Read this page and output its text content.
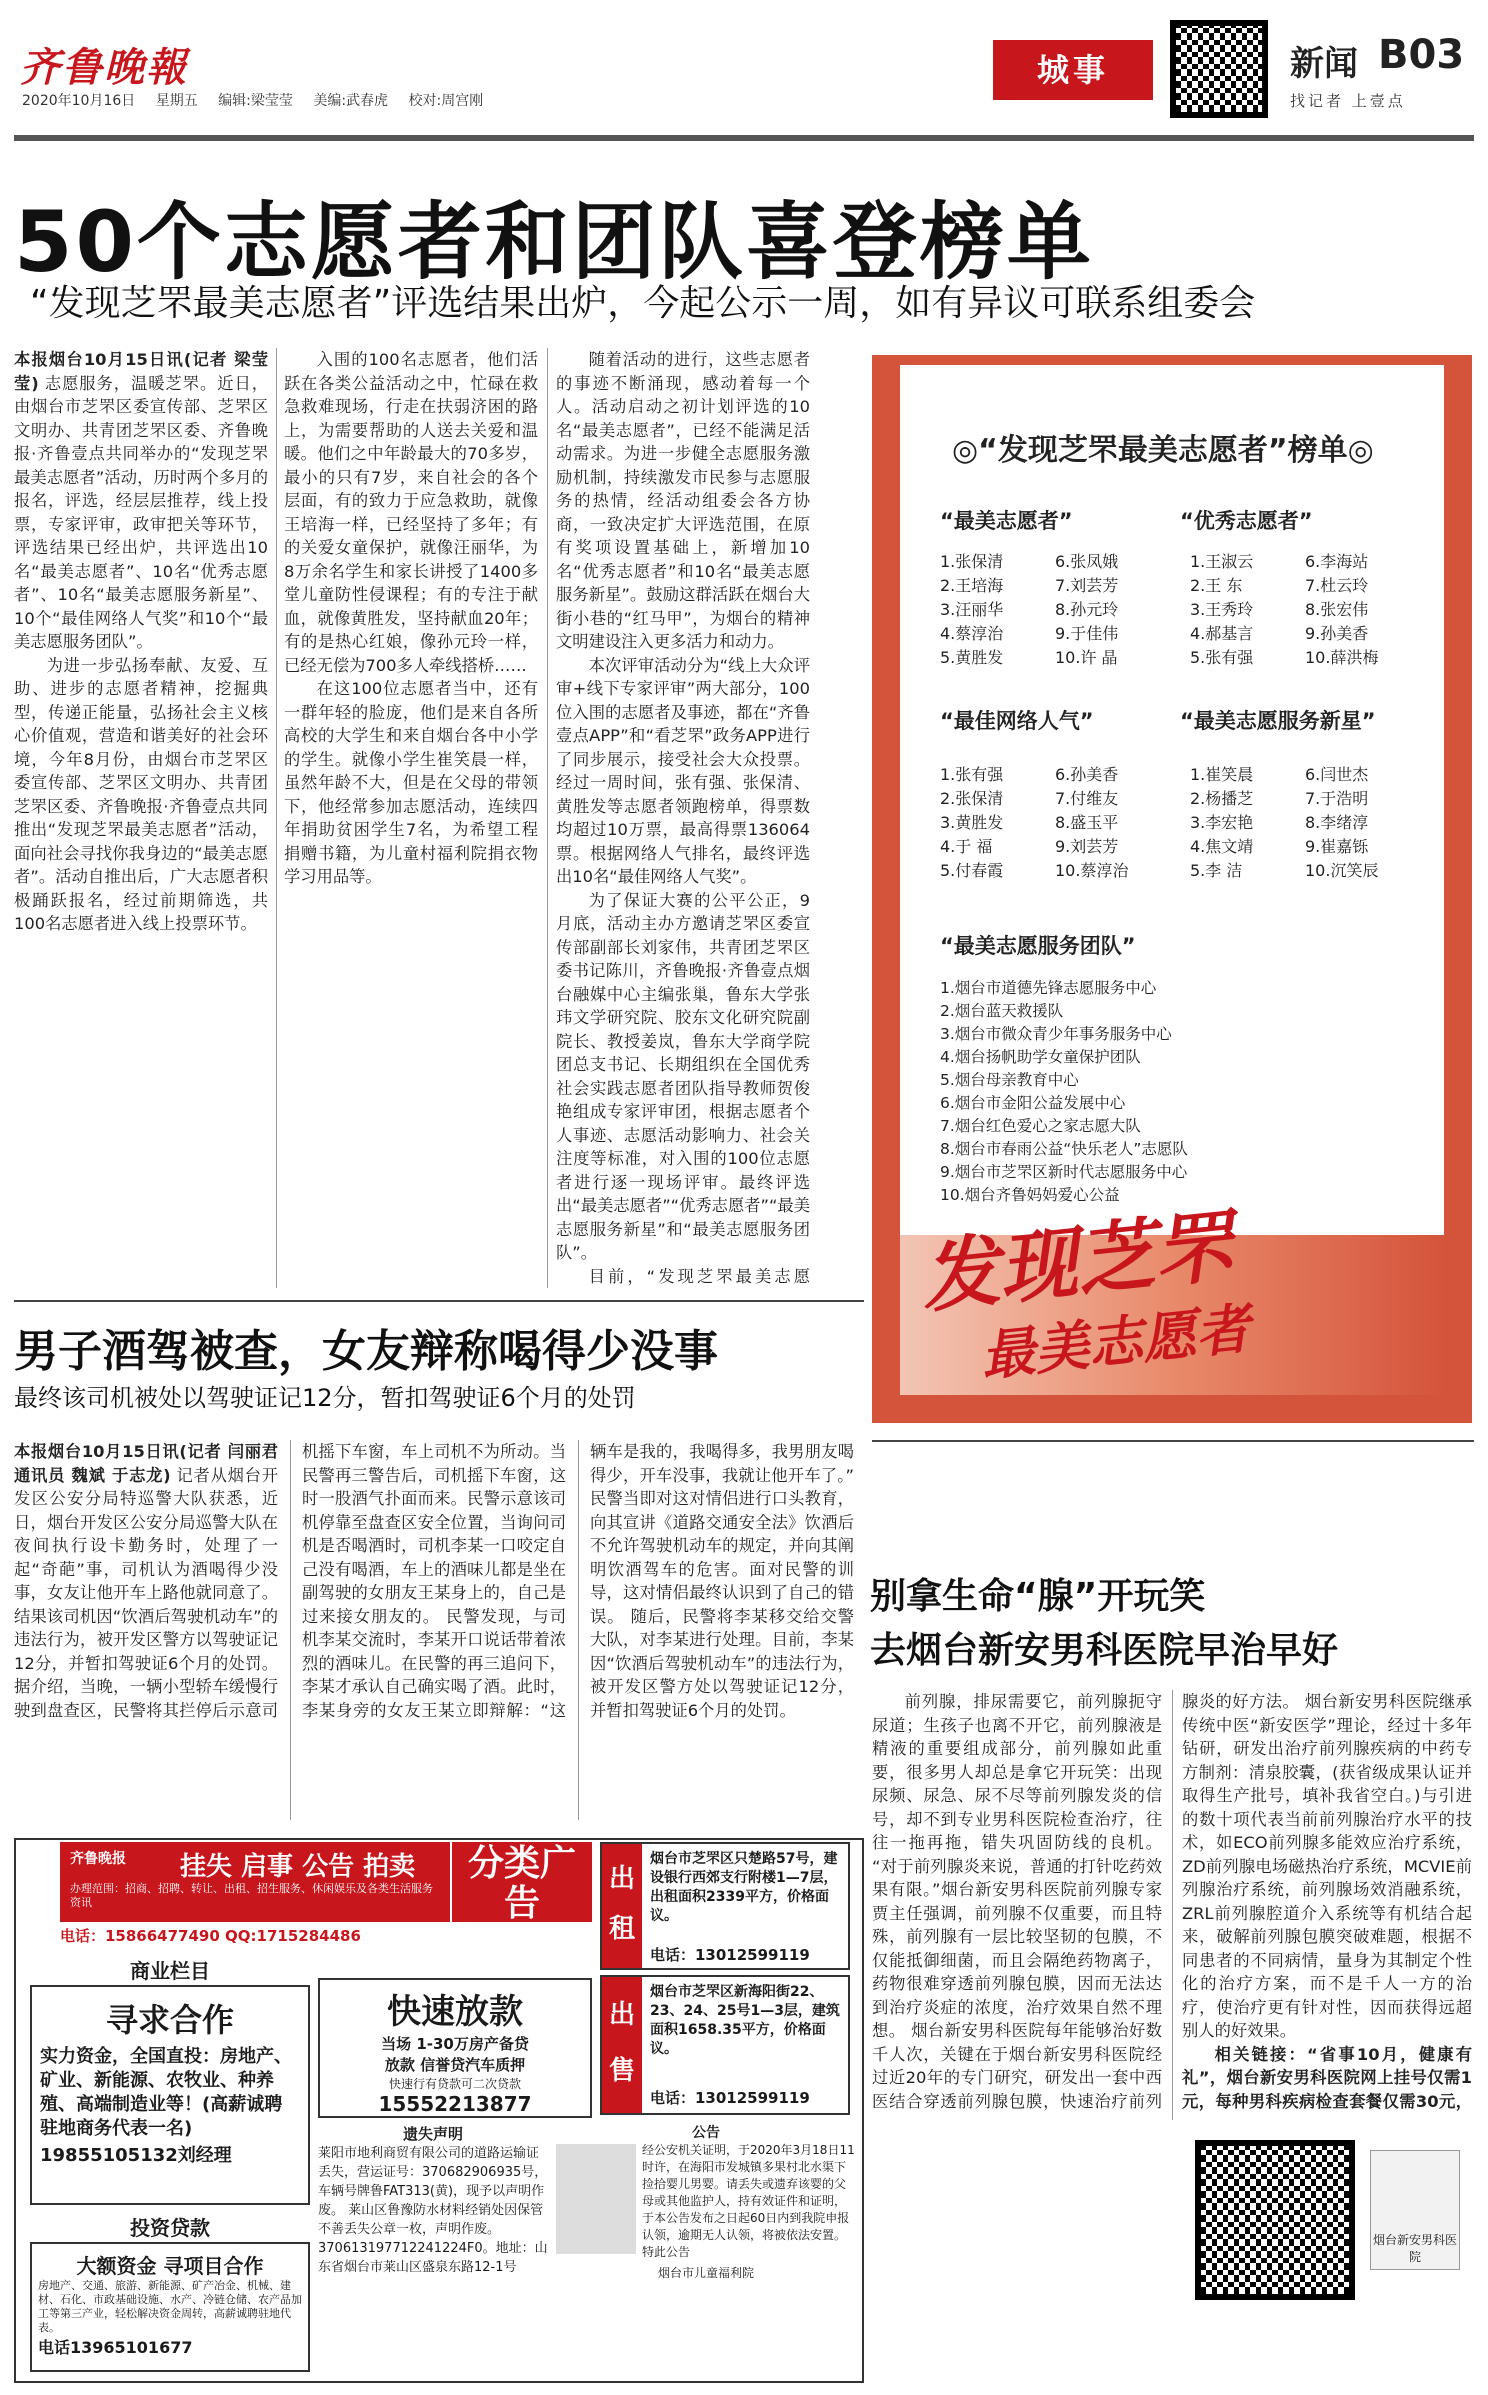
齐鲁晚報
2020年10月16日 星期五 编辑:梁莹莹 美编:武春虎 校对:周宫刚
城事	新闻 B03
找记者 上壹点
50个志愿者和团队喜登榜单
“发现芝罘最美志愿者”评选结果出炉，今起公示一周，如有异议可联系组委会

本报烟台10月15日讯(记者 梁莹莹) 志愿服务，温暖芝罘。近日，由烟台市芝罘区委宣传部、芝罘区文明办、共青团芝罘区委、齐鲁晚报·齐鲁壹点共同举办的“发现芝罘最美志愿者”活动，历时两个多月的报名，评选，经层层推荐，线上投票，专家评审，政审把关等环节，评选结果已经出炉，共评选出10名“最美志愿者”、10名“优秀志愿者”、10名“最美志愿服务新星”、10个“最佳网络人气奖”和10个“最美志愿服务团队”。

为进一步弘扬奉献、友爱、互助、进步的志愿者精神，挖掘典型，传递正能量，弘扬社会主义核心价值观，营造和谐美好的社会环境，今年8月份，由烟台市芝罘区委宣传部、芝罘区文明办、共青团芝罘区委、齐鲁晚报·齐鲁壹点共同推出“发现芝罘最美志愿者”活动，面向社会寻找你我身边的“最美志愿者”。活动自推出后，广大志愿者积极踊跃报名，经过前期筛选，共100名志愿者进入线上投票环节。

入围的100名志愿者，他们活跃在各类公益活动之中，忙碌在救急救难现场，行走在扶弱济困的路上，为需要帮助的人送去关爱和温暖。他们之中年龄最大的70多岁，最小的只有7岁，来自社会的各个层面，有的致力于应急救助，就像王培海一样，已经坚持了多年；有的关爱女童保护，就像汪丽华，为8万余名学生和家长讲授了1400多堂儿童防性侵课程；有的专注于献血，就像黄胜发，坚持献血20年；有的是热心红娘，像孙元玲一样，已经无偿为700多人牵线搭桥……

在这100位志愿者当中，还有一群年轻的脸庞，他们是来自各所高校的大学生和来自烟台各中小学的学生。就像小学生崔笑晨一样，虽然年龄不大，但是在父母的带领下，他经常参加志愿活动，连续四年捐助贫困学生7名，为希望工程捐赠书籍，为儿童村福利院捐衣物学习用品等。

随着活动的进行，这些志愿者的事迹不断涌现，感动着每一个人。活动启动之初计划评选的10名“最美志愿者”，已经不能满足活动需求。为进一步健全志愿服务激励机制，持续激发市民参与志愿服务的热情，经活动组委会各方协商，一致决定扩大评选范围，在原有奖项设置基础上，新增加10名“优秀志愿者”和10名“最美志愿服务新星”。鼓励这群活跃在烟台大街小巷的“红马甲”，为烟台的精神文明建设注入更多活力和动力。

本次评审活动分为“线上大众评审+线下专家评审”两大部分，100位入围的志愿者及事迹，都在“齐鲁壹点APP”和“看芝罘”政务APP进行了同步展示，接受社会大众投票。经过一周时间，张有强、张保清、黄胜发等志愿者领跑榜单，得票数均超过10万票，最高得票136064票。根据网络人气排名，最终评选出10名“最佳网络人气奖”。

为了保证大赛的公平公正，9月底，活动主办方邀请芝罘区委宣传部副部长刘家伟，共青团芝罘区委书记陈川，齐鲁晚报·齐鲁壹点烟台融媒中心主编张巢，鲁东大学张玮文学研究院、胶东文化研究院副院长、教授姜岚，鲁东大学商学院团总支书记、长期组织在全国优秀社会实践志愿者团队指导教师贺俊艳组成专家评审团，根据志愿者个人事迹、志愿活动影响力、社会关注度等标准，对入围的100位志愿者进行逐一现场评审。最终评选出“最美志愿者”“优秀志愿者”“最美志愿服务新星”和“最美志愿服务团队”。

目前，“发现芝罘最美志愿

◎“发现芝罘最美志愿者”榜单◎
“最美志愿者”
1.张保清
2.王培海
3.汪丽华
4.蔡淳治
5.黄胜发
6.张凤娥
7.刘芸芳
8.孙元玲
9.于佳伟
10.许 晶
“优秀志愿者”
1.王淑云
2.王 东
3.王秀玲
4.郝基言
5.张有强
6.李海站
7.杜云玲
8.张宏伟
9.孙美香
10.薛洪梅
“最佳网络人气”
1.张有强
2.张保清
3.黄胜发
4.于 福
5.付春霞
6.孙美香
7.付维友
8.盛玉平
9.刘芸芳
10.蔡淳治
“最美志愿服务新星”
1.崔笑晨
2.杨播芝
3.李宏艳
4.焦文靖
5.李 洁
6.闫世杰
7.于浩明
8.李绪淳
9.崔嘉铄
10.沉笑辰
“最美志愿服务团队”
1.烟台市道德先锋志愿服务中心
2.烟台蓝天救援队
3.烟台市微众青少年事务服务中心
4.烟台扬帆助学女童保护团队
5.烟台母亲教育中心
6.烟台市金阳公益发展中心
7.烟台红色爱心之家志愿大队
8.烟台市春雨公益“快乐老人”志愿队
9.烟台市芝罘区新时代志愿服务中心
10.烟台齐鲁妈妈爱心公益
发现芝罘
最美志愿者
男子酒驾被查，女友辩称喝得少没事
最终该司机被处以驾驶证记12分，暂扣驾驶证6个月的处罚

本报烟台10月15日讯(记者 闫丽君 通讯员 魏斌 于志龙) 记者从烟台开发区公安分局特巡警大队获悉，近日，烟台开发区公安分局巡警大队在夜间执行设卡勤务时，处理了一起“奇葩”事，司机认为酒喝得少没事，女友让他开车上路他就同意了。结果该司机因“饮酒后驾驶机动车”的违法行为，被开发区警方以驾驶证记12分，并暂扣驾驶证6个月的处罚。 据介绍，当晚，一辆小型轿车缓慢行驶到盘查区，民警将其拦停后示意司机摇下车窗，车上司机不为所动。当民警再三警告后，司机摇下车窗，这时一股酒气扑面而来。民警示意该司机停靠至盘查区安全位置，当询问司机是否喝酒时，司机李某一口咬定自己没有喝酒，车上的酒味儿都是坐在副驾驶的女朋友王某身上的，自己是过来接女朋友的。 民警发现，与司机李某交流时，李某开口说话带着浓烈的酒味儿。在民警的再三追问下，李某才承认自己确实喝了酒。此时，李某身旁的女友王某立即辩解：“这辆车是我的，我喝得多，我男朋友喝得少，开车没事，我就让他开车了。” 民警当即对这对情侣进行口头教育，向其宣讲《道路交通安全法》饮酒后不允许驾驶机动车的规定，并向其阐明饮酒驾车的危害。面对民警的训导，这对情侣最终认识到了自己的错误。 随后，民警将李某移交给交警大队，对李某进行处理。目前，李某因“饮酒后驾驶机动车”的违法行为，被开发区警方处以驾驶证记12分，并暂扣驾驶证6个月的处罚。

别拿生命“腺”开玩笑
去烟台新安男科医院早治早好

前列腺，排尿需要它，前列腺扼守尿道；生孩子也离不开它，前列腺液是精液的重要组成部分，前列腺如此重要，很多男人却总是拿它开玩笑：出现尿频、尿急、尿不尽等前列腺发炎的信号，却不到专业男科医院检查治疗，往往一拖再拖，错失巩固防线的良机。 “对于前列腺炎来说，普通的打针吃药效果有限。”烟台新安男科医院前列腺专家贾主任强调，前列腺不仅重要，而且特殊，前列腺有一层比较坚韧的包膜，不仅能抵御细菌，而且会隔绝药物离子，药物很难穿透前列腺包膜，因而无法达到治疗炎症的浓度，治疗效果自然不理想。 烟台新安男科医院每年能够治好数千人次，关键在于烟台新安男科医院经过近20年的专门研究，研发出一套中西医结合穿透前列腺包膜，快速治疗前列腺炎的好方法。 烟台新安男科医院继承传统中医“新安医学”理论，经过十多年钻研，研发出治疗前列腺疾病的中药专方制剂：清泉胶囊，(获省级成果认证并取得生产批号，填补我省空白。)与引进的数十项代表当前前列腺治疗水平的技术，如ECO前列腺多能效应治疗系统，ZD前列腺电场磁热治疗系统，MCVIE前列腺治疗系统，前列腺场效消融系统，ZRL前列腺腔道介入系统等有机结合起来，破解前列腺包膜突破难题，根据不同患者的不同病情，量身为其制定个性化的治疗方案，而不是千人一方的治疗，使治疗更有针对性，因而获得远超别人的好效果。

相关链接：“省事10月，健康有礼”，烟台新安男科医院网上挂号仅需1元，每种男科疾病检查套餐仅需30元，

烟台新安男科医院
齐鲁晚报	挂失 启事 公告 拍卖
办理范围：招商、招聘、转让、出租、招生服务、休闲娱乐及各类生活服务资讯
电话：15866477490 QQ:1715284486
分类广告
商业栏目
寻求合作
实力资金，全国直投：房地产、矿业、新能源、农牧业、种养殖、高端制造业等！(高薪诚聘驻地商务代表一名)
19855105132刘经理
投资贷款
大额资金 寻项目合作
房地产、交通、旅游、新能源、矿产冶金、机械、建材、石化、市政基础设施、水产、冷链仓储、农产品加工等第三产业，轻松解决资金周转，高薪诚聘驻地代表。
电话13965101677
快速放款
当场 1-30万房产备贷
放款 信誉贷汽车质押
快速行有贷款可二次贷款
15552213877
出租
烟台市芝罘区只楚路57号，建设银行西郊支行附楼1—7层，出租面积2339平方，价格面议。
电话：13012599119
出售
烟台市芝罘区新海阳街22、23、24、25号1—3层，建筑面积1658.35平方，价格面议。
电话：13012599119
遗失声明
莱阳市地利商贸有限公司的道路运输证丢失，营运证号：370682906935号，车辆号牌鲁FAT313(黄)，现予以声明作废。 莱山区鲁豫防水材料经销处因保管不善丢失公章一枚，声明作废。370613197712241224F0。地址：山东省烟台市莱山区盛泉东路12-1号
公告
经公安机关证明，于2020年3月18日11时许，在海阳市发城镇多果村北水渠下捡拾婴儿男婴。请丢失或遗弃该婴的父母或其他监护人，持有效证件和证明，于本公告发布之日起60日内到我院申报认领，逾期无人认领，将被依法安置。特此公告
烟台市儿童福利院
